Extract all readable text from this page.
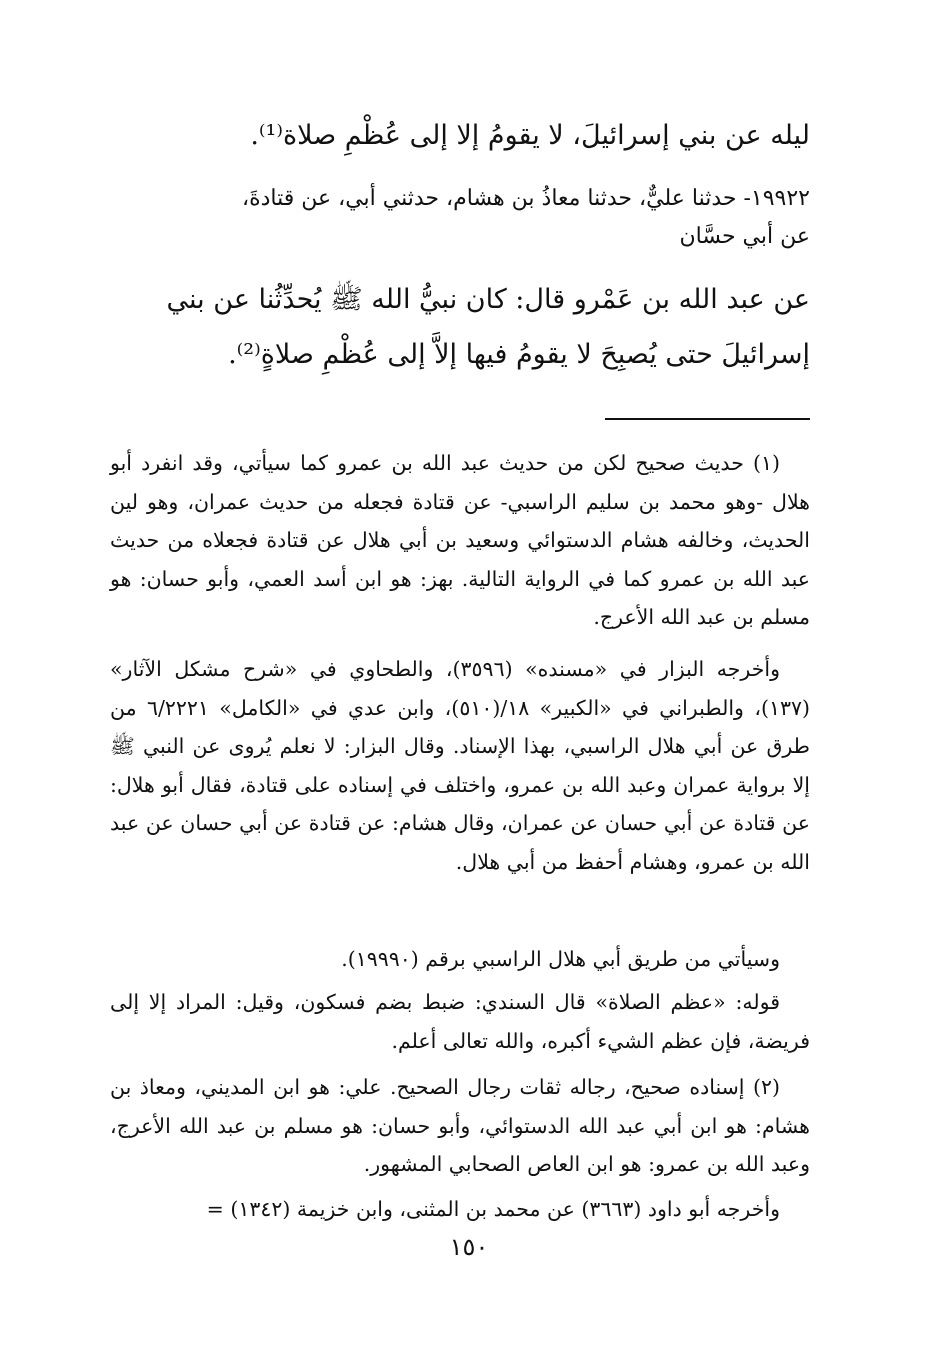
ليله عن بني إسرائيلَ، لا يقومُ إلا إلى عُظْمِ صلاة⁽¹⁾.

١٩٩٢٢- حدثنا عليٌّ، حدثنا معاذُ بن هشام، حدثني أبي، عن قتادةَ،

عن أبي حسَّان

عن عبد الله بن عَمْرو قال: كان نبيُّ الله ﷺ يُحدِّثُنا عن بني

إسرائيلَ حتى يُصبِحَ لا يقومُ فيها إلاَّ إلى عُظْمِ صلاةٍ⁽²⁾.

(١) حديث صحيح لكن من حديث عبد الله بن عمرو كما سيأتي، وقد انفرد أبو هلال -وهو محمد بن سليم الراسبي- عن قتادة فجعله من حديث عمران، وهو لين الحديث، وخالفه هشام الدستوائي وسعيد بن أبي هلال عن قتادة فجعلاه من حديث عبد الله بن عمرو كما في الرواية التالية. بهز: هو ابن أسد العمي، وأبو حسان: هو مسلم بن عبد الله الأعرج.

وأخرجه البزار في «مسنده» (٣٥٩٦)، والطحاوي في «شرح مشكل الآثار» (١٣٧)، والطبراني في «الكبير» ١٨/(٥١٠)، وابن عدي في «الكامل» ٦/٢٢٢١ من طرق عن أبي هلال الراسبي، بهذا الإسناد. وقال البزار: لا نعلم يُروى عن النبي ﷺ إلا برواية عمران وعبد الله بن عمرو، واختلف في إسناده على قتادة، فقال أبو هلال: عن قتادة عن أبي حسان عن عمران، وقال هشام: عن قتادة عن أبي حسان عن عبد الله بن عمرو، وهشام أحفظ من أبي هلال.

وسيأتي من طريق أبي هلال الراسبي برقم (١٩٩٩٠).

قوله: «عظم الصلاة» قال السندي: ضبط بضم فسكون، وقيل: المراد إلا إلى فريضة، فإن عظم الشيء أكبره، والله تعالى أعلم.

(٢) إسناده صحيح، رجاله ثقات رجال الصحيح. علي: هو ابن المديني، ومعاذ بن هشام: هو ابن أبي عبد الله الدستوائي، وأبو حسان: هو مسلم بن عبد الله الأعرج، وعبد الله بن عمرو: هو ابن العاص الصحابي المشهور.

وأخرجه أبو داود (٣٦٦٣) عن محمد بن المثنى، وابن خزيمة (١٣٤٢) =

١٥٠
